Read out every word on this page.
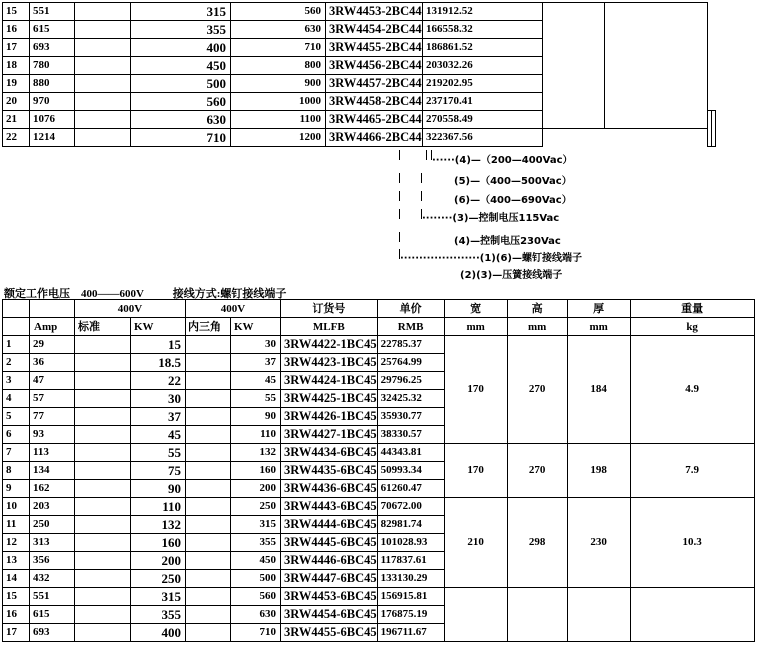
15	551		315	560	3RW4453-2BC44	131912.52				
16	615		355	630	3RW4454-2BC44	166558.32				
17	693		400	710	3RW4455-2BC44	186861.52				
18	780		450	800	3RW4456-2BC44	203032.26				
19	880		500	900	3RW4457-2BC44	219202.95				
20	970		560	1000	3RW4458-2BC44	237170.41				
21	1076		630	1100	3RW4465-2BC44	270558.49				
22	1214		710	1200	3RW4466-2BC44	322367.56				
······(4)—（200—400Vac）
(5)—（400—500Vac）
(6)—（400—690Vac）
········(3)—控制电压115Vac
(4)—控制电压230Vac
·····················(1)(6)—螺钉接线端子
(2)(3)—压簧接线端子
额定工作电压　400——600V	接线方式:螺钉接线端子
		400V		400V		订货号	单价	宽	高	厚	重量
	Amp	标准	KW	内三角	KW	MLFB	RMB	mm	mm	mm	kg
1	29		15		30	3RW4422-1BC45	22785.37	170	270	184	4.9
2	36		18.5		37	3RW4423-1BC45	25764.99				
3	47		22		45	3RW4424-1BC45	29796.25				
4	57		30		55	3RW4425-1BC45	32425.32				
5	77		37		90	3RW4426-1BC45	35930.77				
6	93		45		110	3RW4427-1BC45	38330.57				
7	113		55		132	3RW4434-6BC45	44343.81	170	270	198	7.9
8	134		75		160	3RW4435-6BC45	50993.34				
9	162		90		200	3RW4436-6BC45	61260.47				
10	203		110		250	3RW4443-6BC45	70672.00	210	298	230	10.3
11	250		132		315	3RW4444-6BC45	82981.74				
12	313		160		355	3RW4445-6BC45	101028.93				
13	356		200		450	3RW4446-6BC45	117837.61				
14	432		250		500	3RW4447-6BC45	133130.29				
15	551		315		560	3RW4453-6BC45	156915.81				
16	615		355		630	3RW4454-6BC45	176875.19				
17	693		400		710	3RW4455-6BC45	196711.67				
